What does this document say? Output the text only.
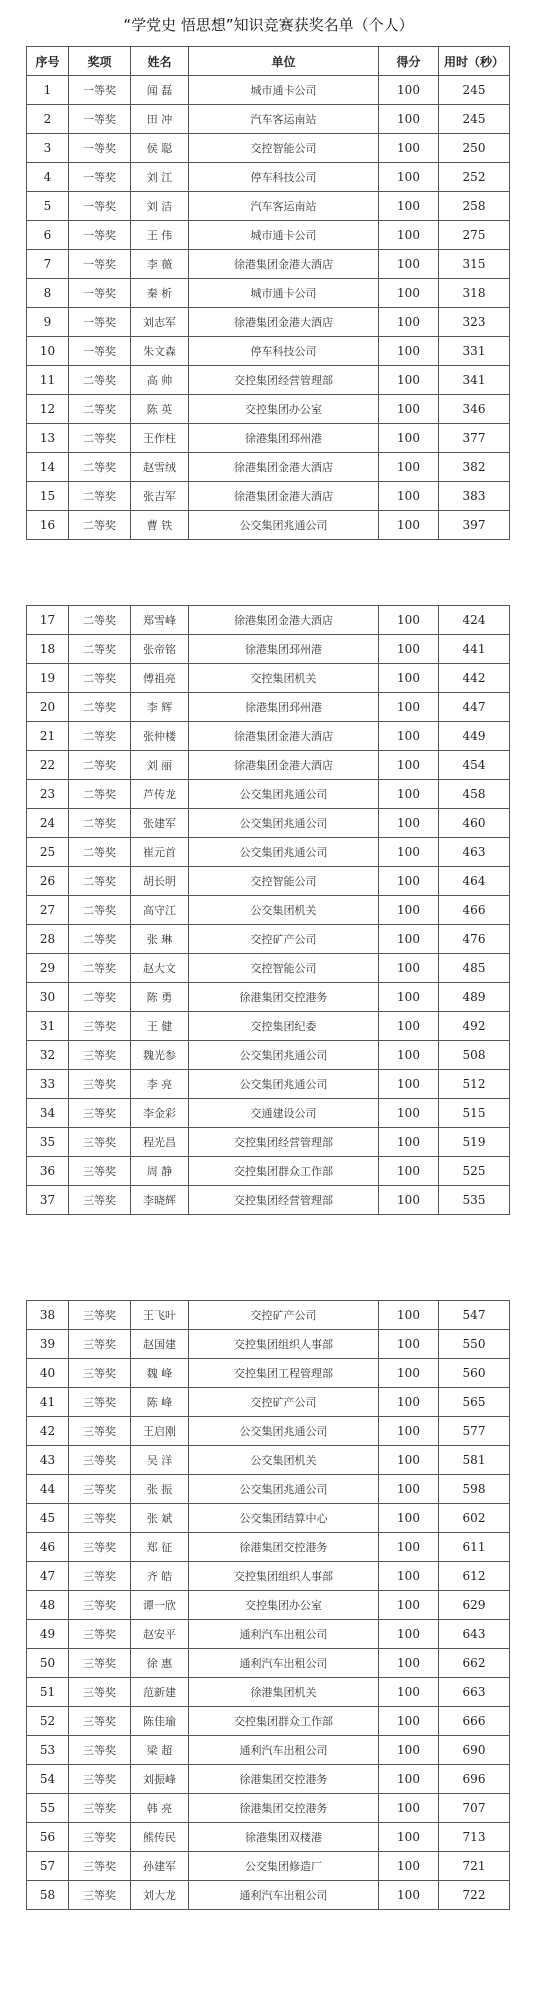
“学党史 悟思想”知识竞赛获奖名单（个人）
序号	奖项	姓名	单位	得分	用时（秒）
1	一等奖	闻 磊	城市通卡公司	100	245
2	一等奖	田 冲	汽车客运南站	100	245
3	一等奖	侯 聪	交控智能公司	100	250
4	一等奖	刘 江	停车科技公司	100	252
5	一等奖	刘 洁	汽车客运南站	100	258
6	一等奖	王 伟	城市通卡公司	100	275
7	一等奖	李 薇	徐港集团金港大酒店	100	315
8	一等奖	秦 析	城市通卡公司	100	318
9	一等奖	刘志军	徐港集团金港大酒店	100	323
10	一等奖	朱文森	停车科技公司	100	331
11	二等奖	高 帅	交控集团经营管理部	100	341
12	二等奖	陈 英	交控集团办公室	100	346
13	二等奖	王作柱	徐港集团邳州港	100	377
14	二等奖	赵雪绒	徐港集团金港大酒店	100	382
15	二等奖	张吉军	徐港集团金港大酒店	100	383
16	二等奖	曹 铁	公交集团兆通公司	100	397
17	二等奖	郑雪峰	徐港集团金港大酒店	100	424
18	二等奖	张帝铭	徐港集团邳州港	100	441
19	二等奖	傅祖亮	交控集团机关	100	442
20	二等奖	李 辉	徐港集团邳州港	100	447
21	二等奖	张仲楼	徐港集团金港大酒店	100	449
22	二等奖	刘 丽	徐港集团金港大酒店	100	454
23	二等奖	芦传龙	公交集团兆通公司	100	458
24	二等奖	张建军	公交集团兆通公司	100	460
25	二等奖	崔元首	公交集团兆通公司	100	463
26	二等奖	胡长明	交控智能公司	100	464
27	二等奖	高守江	公交集团机关	100	466
28	二等奖	张 琳	交控矿产公司	100	476
29	二等奖	赵大文	交控智能公司	100	485
30	二等奖	陈 勇	徐港集团交控港务	100	489
31	三等奖	王 健	交控集团纪委	100	492
32	三等奖	魏光参	公交集团兆通公司	100	508
33	三等奖	李 亮	公交集团兆通公司	100	512
34	三等奖	李金彩	交通建设公司	100	515
35	三等奖	程光昌	交控集团经营管理部	100	519
36	三等奖	周 静	交控集团群众工作部	100	525
37	三等奖	李晓辉	交控集团经营管理部	100	535
38	三等奖	王飞叶	交控矿产公司	100	547
39	三等奖	赵国建	交控集团组织人事部	100	550
40	三等奖	魏 峰	交控集团工程管理部	100	560
41	三等奖	陈 峰	交控矿产公司	100	565
42	三等奖	王启刚	公交集团兆通公司	100	577
43	三等奖	吴 洋	公交集团机关	100	581
44	三等奖	张 振	公交集团兆通公司	100	598
45	三等奖	张 斌	公交集团结算中心	100	602
46	三等奖	郑 征	徐港集团交控港务	100	611
47	三等奖	齐 皓	交控集团组织人事部	100	612
48	三等奖	谭一欣	交控集团办公室	100	629
49	三等奖	赵安平	通利汽车出租公司	100	643
50	三等奖	徐 惠	通利汽车出租公司	100	662
51	三等奖	范新建	徐港集团机关	100	663
52	三等奖	陈佳瑜	交控集团群众工作部	100	666
53	三等奖	梁 超	通利汽车出租公司	100	690
54	三等奖	刘振峰	徐港集团交控港务	100	696
55	三等奖	韩 亮	徐港集团交控港务	100	707
56	三等奖	熊传民	徐港集团双楼港	100	713
57	三等奖	孙建军	公交集团修造厂	100	721
58	三等奖	刘大龙	通利汽车出租公司	100	722
